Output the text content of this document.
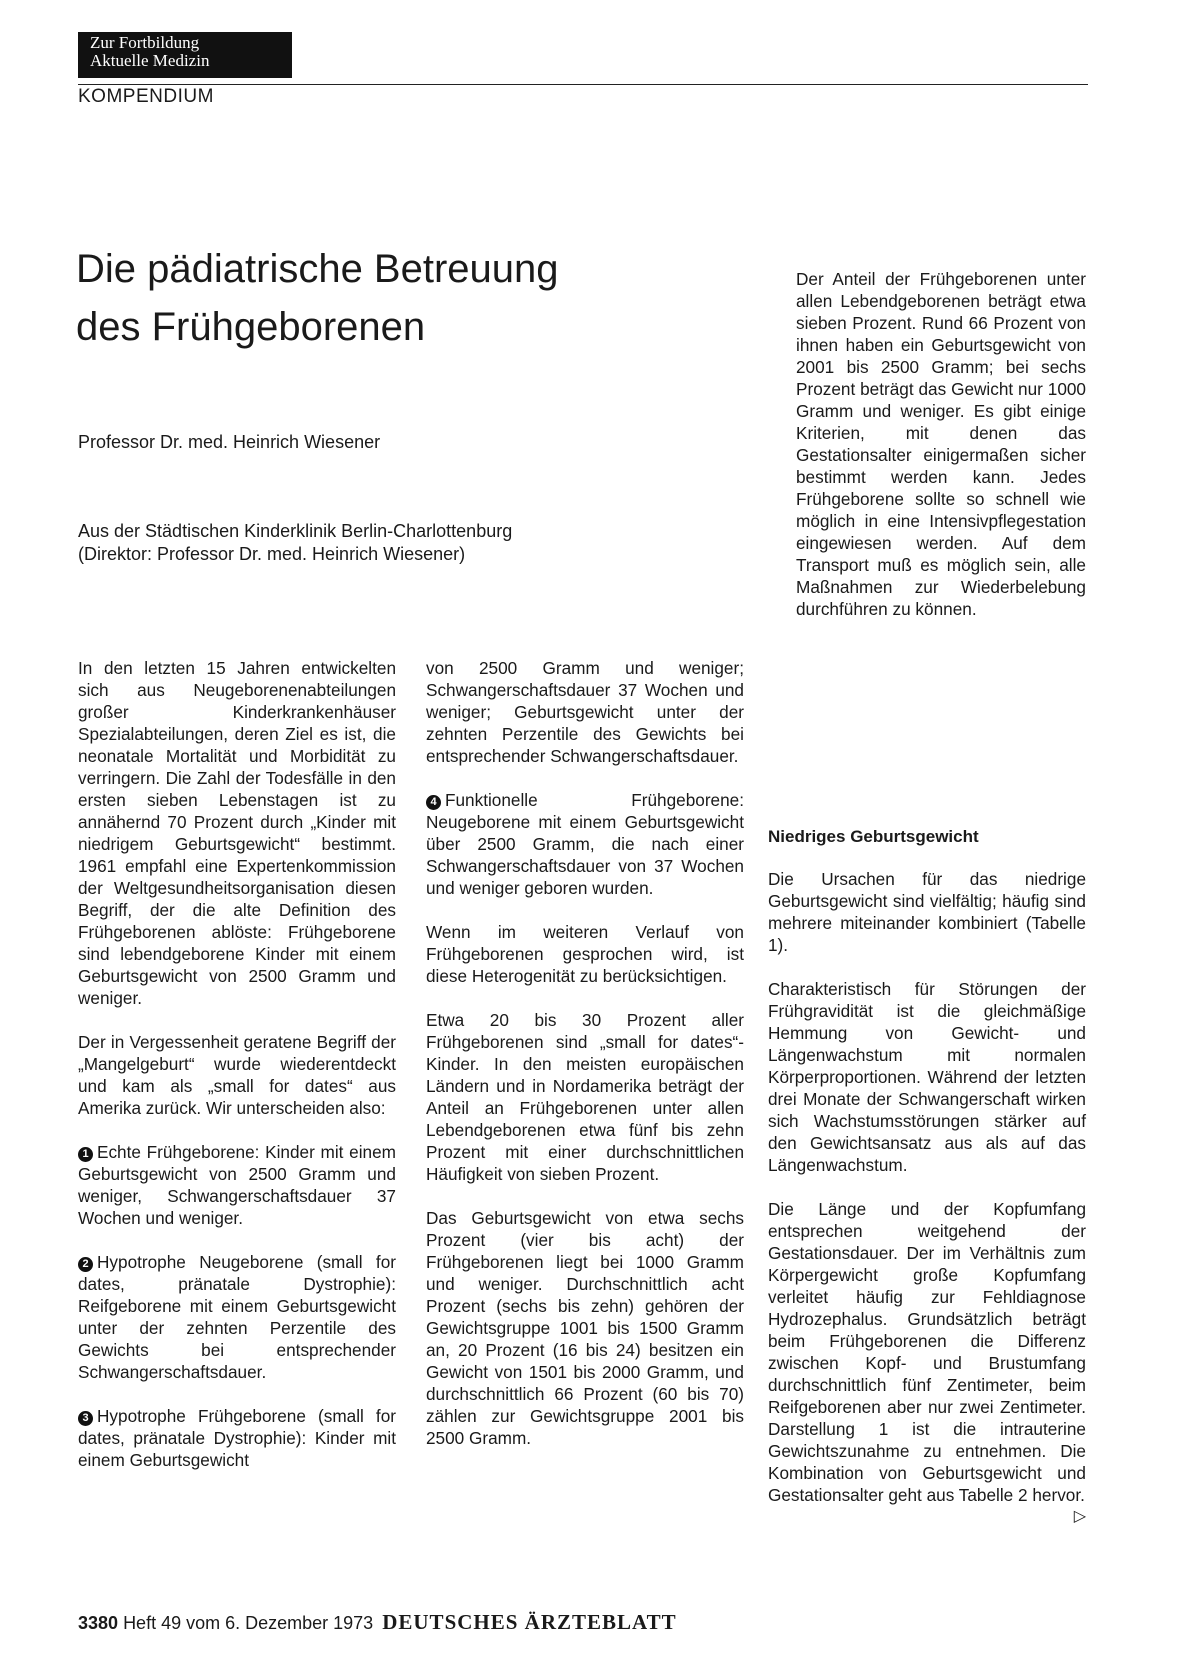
Zur Fortbildung
Aktuelle Medizin
KOMPENDIUM
Die pädiatrische Betreuung
des Frühgeborenen
Professor Dr. med. Heinrich Wiesener
Aus der Städtischen Kinderklinik Berlin-Charlottenburg
(Direktor: Professor Dr. med. Heinrich Wiesener)
Der Anteil der Frühgeborenen unter allen Lebendgeborenen beträgt etwa sieben Prozent. Rund 66 Prozent von ihnen haben ein Geburtsgewicht von 2001 bis 2500 Gramm; bei sechs Prozent beträgt das Gewicht nur 1000 Gramm und weniger. Es gibt einige Kriterien, mit denen das Gestationsalter einigermaßen sicher bestimmt werden kann. Jedes Frühgeborene sollte so schnell wie möglich in eine Intensivpflegestation eingewiesen werden. Auf dem Transport muß es möglich sein, alle Maßnahmen zur Wiederbelebung durchführen zu können.

In den letzten 15 Jahren entwickelten sich aus Neugeborenenabteilungen großer Kinderkrankenhäuser Spezialabteilungen, deren Ziel es ist, die neonatale Mortalität und Morbidität zu verringern. Die Zahl der Todesfälle in den ersten sieben Lebenstagen ist zu annähernd 70 Prozent durch „Kinder mit niedrigem Geburtsgewicht“ bestimmt. 1961 empfahl eine Expertenkommission der Weltgesundheitsorganisation diesen Begriff, der die alte Definition des Frühgeborenen ablöste: Frühgeborene sind lebendgeborene Kinder mit einem Geburtsgewicht von 2500 Gramm und weniger.

Der in Vergessenheit geratene Begriff der „Mangelgeburt“ wurde wiederentdeckt und kam als „small for dates“ aus Amerika zurück. Wir unterscheiden also:

1 Echte Frühgeborene: Kinder mit einem Geburtsgewicht von 2500 Gramm und weniger, Schwangerschaftsdauer 37 Wochen und weniger.

2 Hypotrophe Neugeborene (small for dates, pränatale Dystrophie): Reifgeborene mit einem Geburtsgewicht unter der zehnten Perzentile des Gewichts bei entsprechender Schwangerschaftsdauer.

3 Hypotrophe Frühgeborene (small for dates, pränatale Dystrophie): Kinder mit einem Geburtsgewicht

von 2500 Gramm und weniger; Schwangerschaftsdauer 37 Wochen und weniger; Geburtsgewicht unter der zehnten Perzentile des Gewichts bei entsprechender Schwangerschaftsdauer.

4 Funktionelle Frühgeborene: Neugeborene mit einem Geburtsgewicht über 2500 Gramm, die nach einer Schwangerschaftsdauer von 37 Wochen und weniger geboren wurden.

Wenn im weiteren Verlauf von Frühgeborenen gesprochen wird, ist diese Heterogenität zu berücksichtigen.

Etwa 20 bis 30 Prozent aller Frühgeborenen sind „small for dates“-Kinder. In den meisten europäischen Ländern und in Nordamerika beträgt der Anteil an Frühgeborenen unter allen Lebendgeborenen etwa fünf bis zehn Prozent mit einer durchschnittlichen Häufigkeit von sieben Prozent.

Das Geburtsgewicht von etwa sechs Prozent (vier bis acht) der Frühgeborenen liegt bei 1000 Gramm und weniger. Durchschnittlich acht Prozent (sechs bis zehn) gehören der Gewichtsgruppe 1001 bis 1500 Gramm an, 20 Prozent (16 bis 24) besitzen ein Gewicht von 1501 bis 2000 Gramm, und durchschnittlich 66 Prozent (60 bis 70) zählen zur Gewichtsgruppe 2001 bis 2500 Gramm.

Niedriges Geburtsgewicht

Die Ursachen für das niedrige Geburtsgewicht sind vielfältig; häufig sind mehrere miteinander kombiniert (Tabelle 1).

Charakteristisch für Störungen der Frühgravidität ist die gleichmäßige Hemmung von Gewicht- und Längenwachstum mit normalen Körperproportionen. Während der letzten drei Monate der Schwangerschaft wirken sich Wachstumsstörungen stärker auf den Gewichtsansatz aus als auf das Längenwachstum.

Die Länge und der Kopfumfang entsprechen weitgehend der Gestationsdauer. Der im Verhältnis zum Körpergewicht große Kopfumfang verleitet häufig zur Fehldiagnose Hydrozephalus. Grundsätzlich beträgt beim Frühgeborenen die Differenz zwischen Kopf- und Brustumfang durchschnittlich fünf Zentimeter, beim Reifgeborenen aber nur zwei Zentimeter. Darstellung 1 ist die intrauterine Gewichtszunahme zu entnehmen. Die Kombination von Geburtsgewicht und Gestationsalter geht aus Tabelle 2 hervor.
▷

3380 Heft 49 vom 6. Dezember 1973 DEUTSCHES ÄRZTEBLATT
